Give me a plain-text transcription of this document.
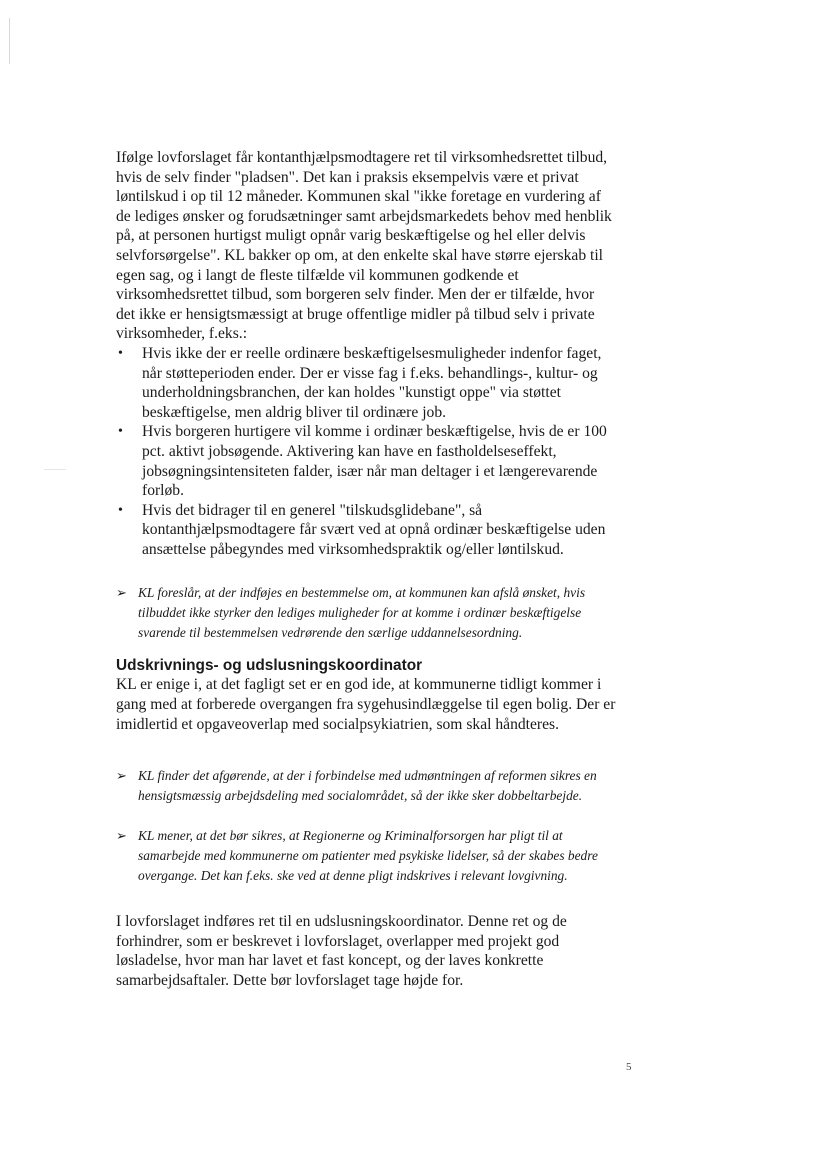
Ifølge lovforslaget får kontanthjælpsmodtagere ret til virksomhedsrettet tilbud, hvis de selv finder "pladsen". Det kan i praksis eksempelvis være et privat løntilskud i op til 12 måneder. Kommunen skal "ikke foretage en vurdering af de lediges ønsker og forudsætninger samt arbejdsmarkedets behov med henblik på, at personen hurtigst muligt opnår varig beskæftigelse og hel eller delvis selvforsørgelse". KL bakker op om, at den enkelte skal have større ejerskab til egen sag, og i langt de fleste tilfælde vil kommunen godkende et virksomhedsrettet tilbud, som borgeren selv finder. Men der er tilfælde, hvor det ikke er hensigtsmæssigt at bruge offentlige midler på tilbud selv i private virksomheder, f.eks.:

• Hvis ikke der er reelle ordinære beskæftigelsesmuligheder indenfor faget, når støtteperioden ender. Der er visse fag i f.eks. behandlings-, kultur- og underholdningsbranchen, der kan holdes "kunstigt oppe" via støttet beskæftigelse, men aldrig bliver til ordinære job.
• Hvis borgeren hurtigere vil komme i ordinær beskæftigelse, hvis de er 100 pct. aktivt jobsøgende. Aktivering kan have en fastholdelseseffekt, jobsøgningsintensiteten falder, især når man deltager i et længerevarende forløb.
• Hvis det bidrager til en generel "tilskudsglidebane", så kontanthjælpsmodtagere får svært ved at opnå ordinær beskæftigelse uden ansættelse påbegyndes med virksomhedspraktik og/eller løntilskud.

➢ KL foreslår, at der indføjes en bestemmelse om, at kommunen kan afslå ønsket, hvis tilbuddet ikke styrker den lediges muligheder for at komme i ordinær beskæftigelse svarende til bestemmelsen vedrørende den særlige uddannelsesordning.

Udskrivnings- og udslusningskoordinator

KL er enige i, at det fagligt set er en god ide, at kommunerne tidligt kommer i gang med at forberede overgangen fra sygehusindlæggelse til egen bolig. Der er imidlertid et opgaveoverlap med socialpsykiatrien, som skal håndteres.

➢ KL finder det afgørende, at der i forbindelse med udmøntningen af reformen sikres en hensigtsmæssig arbejdsdeling med socialområdet, så der ikke sker dobbeltarbejde.

➢ KL mener, at det bør sikres, at Regionerne og Kriminalforsorgen har pligt til at samarbejde med kommunerne om patienter med psykiske lidelser, så der skabes bedre overgange. Det kan f.eks. ske ved at denne pligt indskrives i relevant lovgivning.

I lovforslaget indføres ret til en udslusningskoordinator. Denne ret og de forhindrer, som er beskrevet i lovforslaget, overlapper med projekt god løsladelse, hvor man har lavet et fast koncept, og der laves konkrette samarbejdsaftaler. Dette bør lovforslaget tage højde for.

5
